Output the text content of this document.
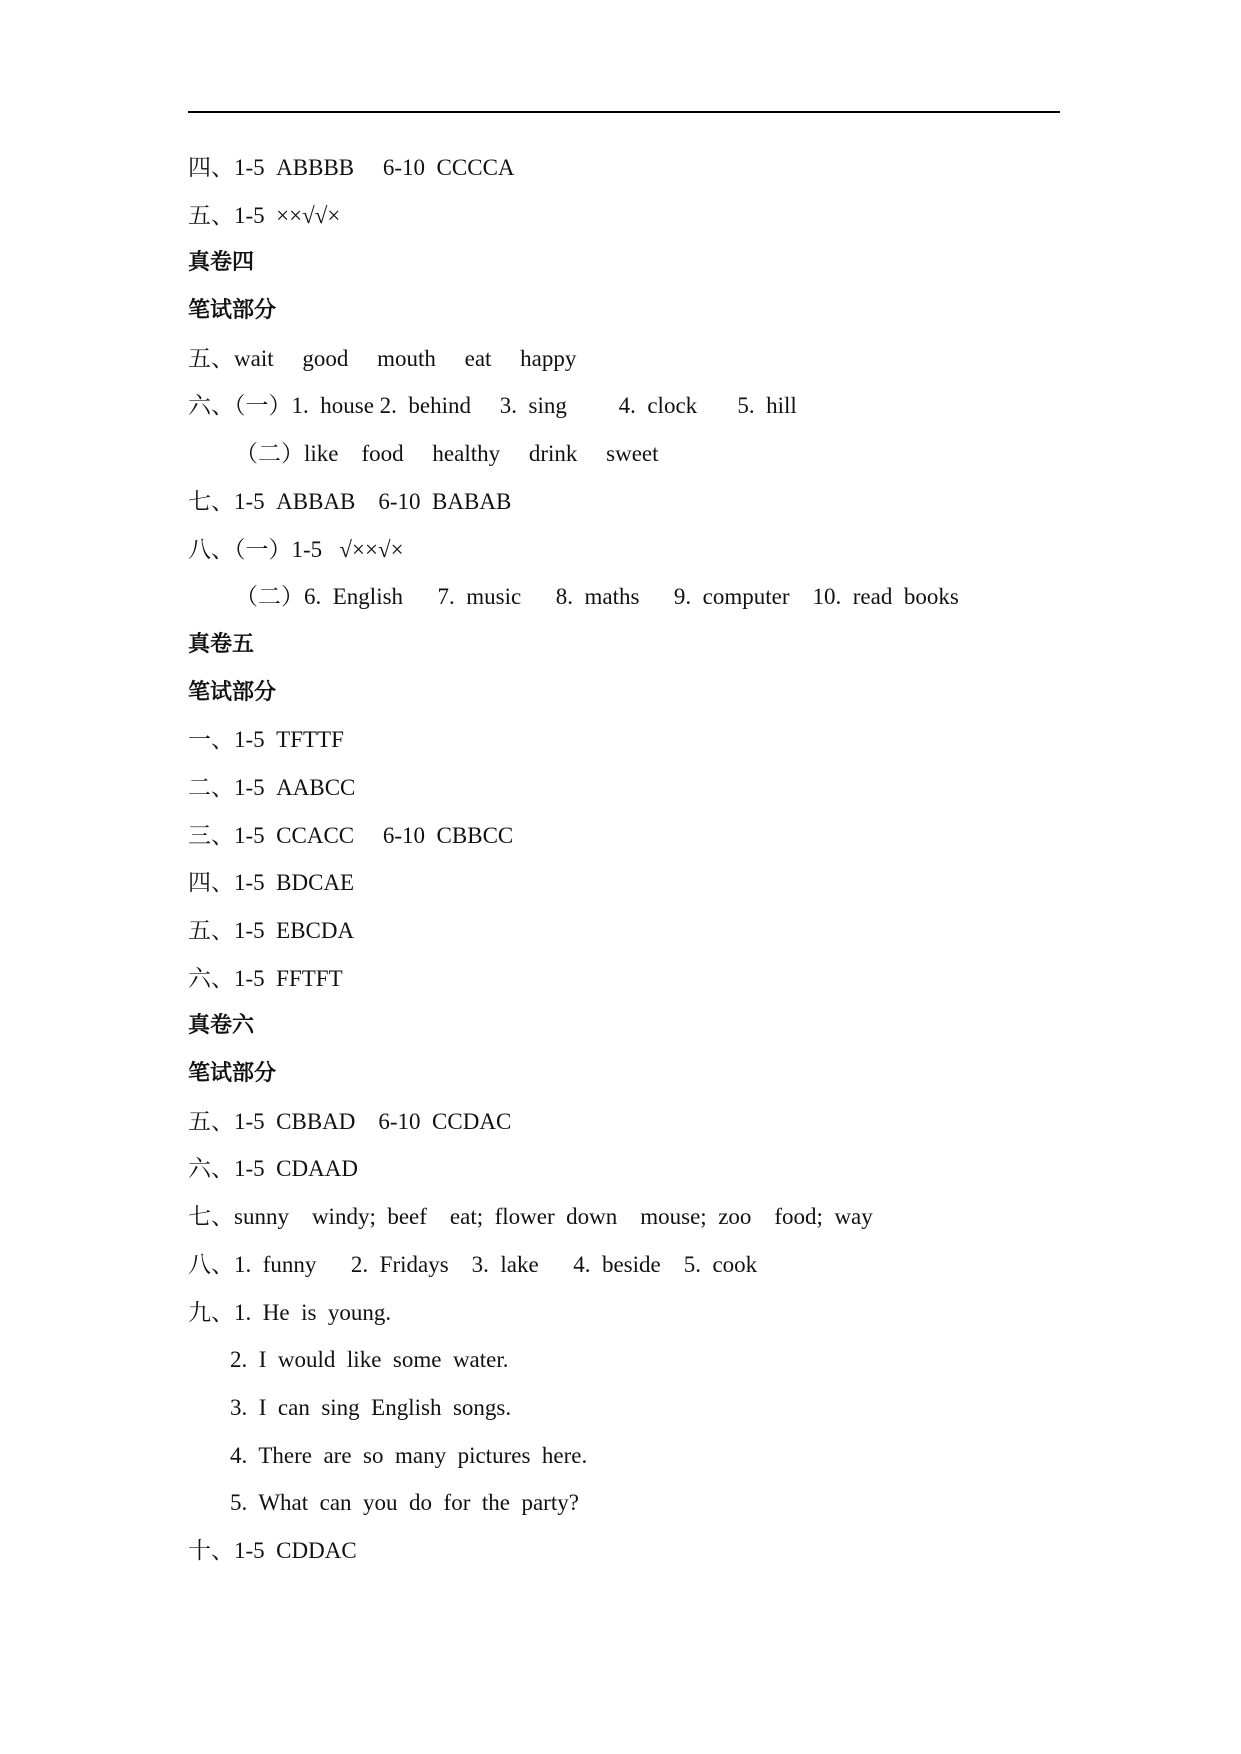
四、1-5  ABBBB     6-10  CCCCA
五、1-5  ××√√×
真卷四
笔试部分
五、wait     good     mouth     eat     happy
六、（一）1.  house 2.  behind     3.  sing         4.  clock       5.  hill
（二）like    food     healthy     drink     sweet
七、1-5  ABBAB    6-10  BABAB
八、（一）1-5   √××√×
（二）6.  English      7.  music      8.  maths      9.  computer    10.  read  books
真卷五
笔试部分
一、1-5  TFTTF
二、1-5  AABCC
三、1-5  CCACC     6-10  CBBCC
四、1-5  BDCAE
五、1-5  EBCDA
六、1-5  FFTFT
真卷六
笔试部分
五、1-5  CBBAD    6-10  CCDAC
六、1-5  CDAAD
七、sunny    windy;  beef    eat;  flower  down    mouse;  zoo    food;  way
八、1.  funny      2.  Fridays    3.  lake      4.  beside    5.  cook
九、1.  He  is  young.
2.  I  would  like  some  water.
3.  I  can  sing  English  songs.
4.  There  are  so  many  pictures  here.
5.  What  can  you  do  for  the  party?
十、1-5  CDDAC
